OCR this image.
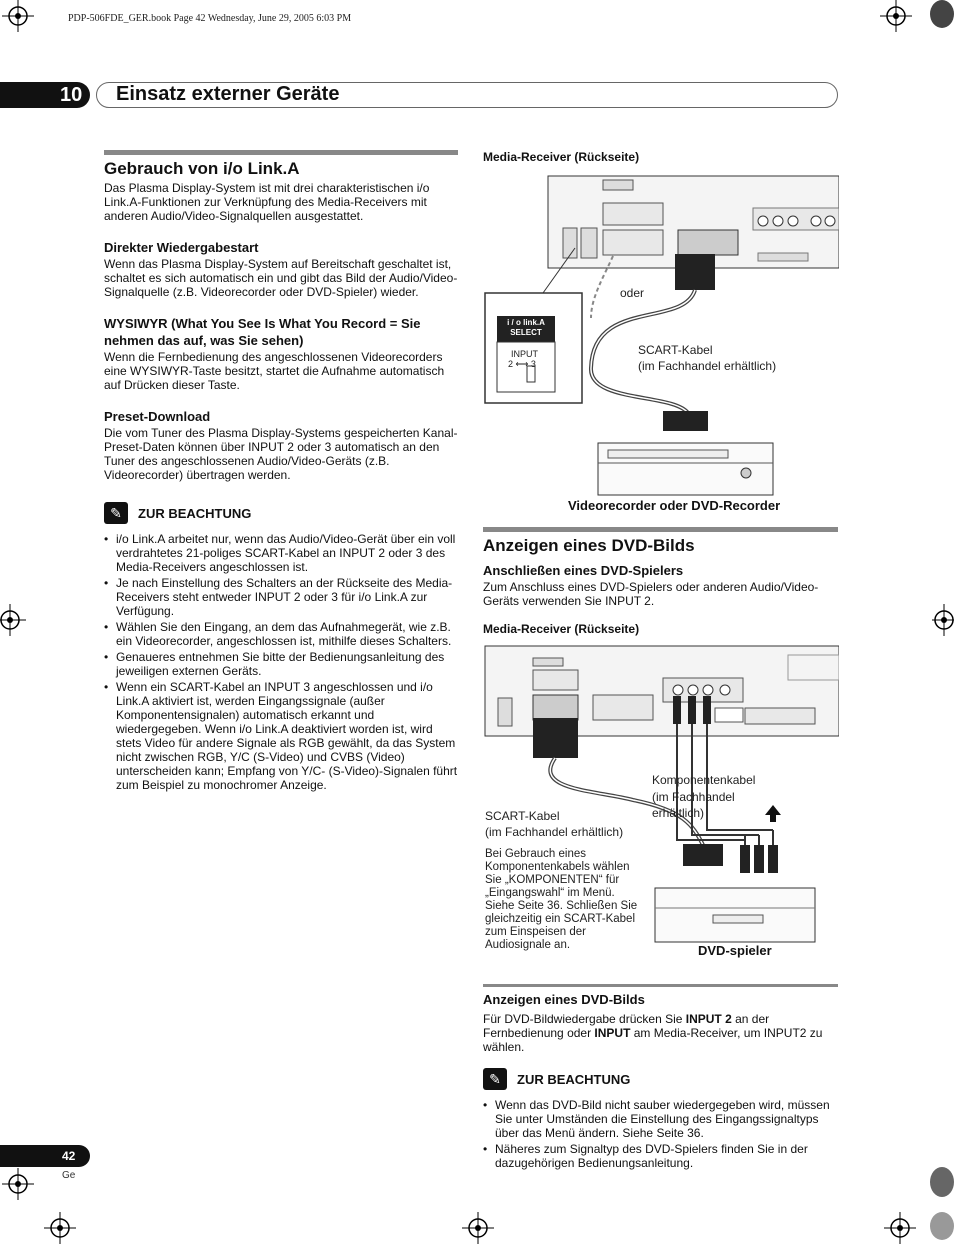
PDP-506FDE_GER.book Page 42 Wednesday, June 29, 2005 6:03 PM
10	Einsatz externer Geräte
Gebrauch von i/o Link.A

Das Plasma Display-System ist mit drei charakteristischen i/o Link.A-Funktionen zur Verknüpfung des Media-Receivers mit anderen Audio/Video-Signalquellen ausgestattet.

Direkter Wiedergabestart

Wenn das Plasma Display-System auf Bereitschaft geschaltet ist, schaltet es sich automatisch ein und gibt das Bild der Audio/Video-Signalquelle (z.B. Videorecorder oder DVD-Spieler) wieder.

WYSIWYR (What You See Is What You Record = Sie nehmen das auf, was Sie sehen)

Wenn die Fernbedienung des angeschlossenen Videorecorders eine WYSIWYR-Taste besitzt, startet die Aufnahme automatisch auf Drücken dieser Taste.

Preset-Download

Die vom Tuner des Plasma Display-Systems gespeicherten Kanal-Preset-Daten können über INPUT 2 oder 3 automatisch an den Tuner des angeschlossenen Audio/Video-Geräts (z.B. Videorecorder) übertragen werden.

✎	ZUR BEACHTUNG
• i/o Link.A arbeitet nur, wenn das Audio/Video-Gerät über ein voll verdrahtetes 21-poliges SCART-Kabel an INPUT 2 oder 3 des Media-Receivers angeschlossen ist.
• Je nach Einstellung des Schalters an der Rückseite des Media-Receivers steht entweder INPUT 2 oder 3 für i/o Link.A zur Verfügung.
• Wählen Sie den Eingang, an dem das Aufnahmegerät, wie z.B. ein Videorecorder, angeschlossen ist, mithilfe dieses Schalters.
• Genaueres entnehmen Sie bitte der Bedienungsanleitung des jeweiligen externen Geräts.
• Wenn ein SCART-Kabel an INPUT 3 angeschlossen und i/o Link.A aktiviert ist, werden Eingangssignale (außer Komponentensignalen) automatisch erkannt und wiedergegeben. Wenn i/o Link.A deaktiviert worden ist, wird stets Video für andere Signale als RGB gewählt, da das System nicht zwischen RGB, Y/C (S-Video) und CVBS (Video) unterscheiden kann; Empfang von Y/C- (S-Video)-Signalen führt zum Beispiel zu monochromer Anzeige.
Media-Receiver (Rückseite)
i / o link.A SELECT
INPUT
2 ⟷ 3
oder
SCART-Kabel
(im Fachhandel erhältlich)
Videorecorder oder DVD-Recorder
Anzeigen eines DVD-Bilds
Anschließen eines DVD-Spielers

Zum Anschluss eines DVD-Spielers oder anderen Audio/Video-Geräts verwenden Sie INPUT 2.

Media-Receiver (Rückseite)
Komponentenkabel
(im Fachhandel
erhältlich)
SCART-Kabel
(im Fachhandel erhältlich)
Bei Gebrauch eines Komponentenkabels wählen Sie „KOMPONENTEN“ für „Eingangswahl“ im Menü. Siehe Seite 36. Schließen Sie gleichzeitig ein SCART-Kabel zum Einspeisen der Audiosignale an.	DVD-spieler
Anzeigen eines DVD-Bilds

Für DVD-Bildwiedergabe drücken Sie INPUT 2 an der Fernbedienung oder INPUT am Media-Receiver, um INPUT2 zu wählen.

✎	ZUR BEACHTUNG
• Wenn das DVD-Bild nicht sauber wiedergegeben wird, müssen Sie unter Umständen die Einstellung des Eingangssignaltyps über das Menü ändern. Siehe Seite 36.
• Näheres zum Signaltyp des DVD-Spielers finden Sie in der dazugehörigen Bedienungsanleitung.
42
Ge
